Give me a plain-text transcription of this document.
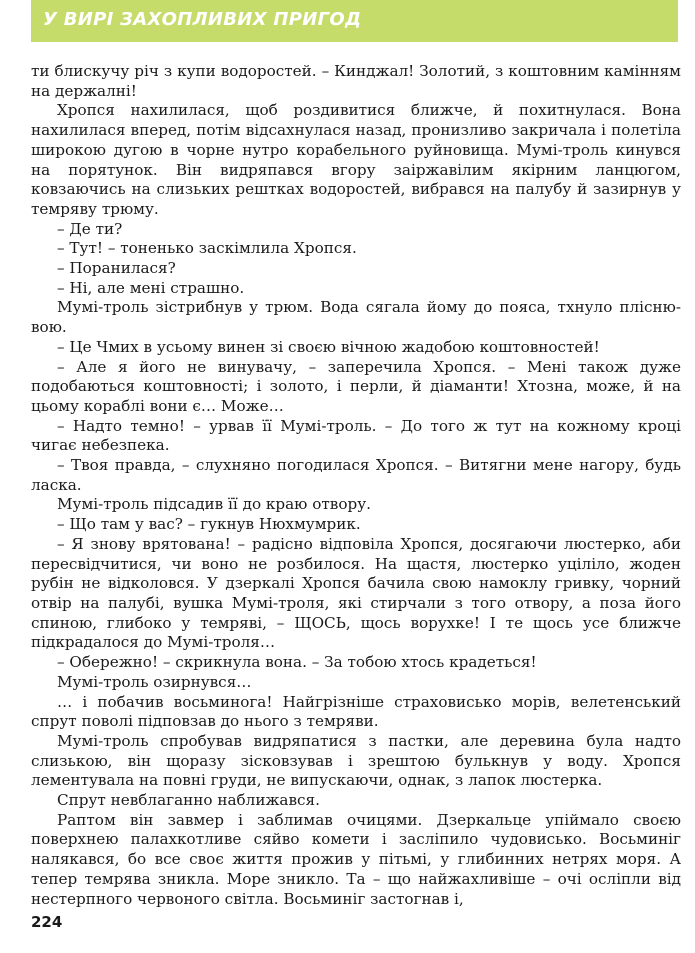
У ВИРІ ЗАХОПЛИВИХ ПРИГОД

ти блискучу річ з купи водоростей. – Кинджал! Золотий, з коштовним камінням на держалні!

Хропся нахилилася, щоб роздивитися ближче, й похитнулася. Вона нахилилася вперед, потім відсахнулася назад, пронизливо закричала і полетіла широкою дугою в чорне нутро корабельного руйновища. Мумі-троль кинувся на порятунок. Він видряпався вгору заіржавілим якірним ланцюгом, ковзаючись на слизьких рештках водоростей, вибрався на палубу й зазирнув у темряву трюму.

– Де ти?

– Тут! – тоненько заскімлила Хропся.

– Поранилася?

– Ні, але мені страшно.

Мумі-троль зістрибнув у трюм. Вода сягала йому до пояса, тхнуло пліснювою.

– Це Чмих в усьому винен зі своєю вічною жадобою коштовностей!

– Але я його не винувачу, – заперечила Хропся. – Мені також дуже подобаються коштовності; і золото, і перли, й діаманти! Хтозна, може, й на цьому кораблі вони є… Може…

– Надто темно! – урвав її Мумі-троль. – До того ж тут на кожному кроці чигає небезпека.

– Твоя правда, – слухняно погодилася Хропся. – Витягни мене нагору, будь ласка.

Мумі-троль підсадив її до краю отвору.

– Що там у вас? – гукнув Нюхмумрик.

– Я знову врятована! – радісно відповіла Хропся, досягаючи люстерко, аби пересвідчитися, чи воно не розбилося. На щастя, люстерко уціліло, жоден рубін не відколовся. У дзеркалі Хропся бачила свою намоклу гривку, чорний отвір на палубі, вушка Мумі-троля, які стирчали з того отвору, а поза його спиною, глибоко у темряві, – ЩОСЬ, щось ворухке! І те щось усе ближче підкрадалося до Мумі-троля…

– Обережно! – скрикнула вона. – За тобою хтось крадеться!

Мумі-троль озирнувся…

… і побачив восьминога! Найгрізніше страховисько морів, велетенський спрут поволі підповзав до нього з темряви.

Мумі-троль спробував видряпатися з пастки, але деревина була надто слизькою, він щоразу зісковзував і зрештою булькнув у воду. Хропся лементувала на повні груди, не випускаючи, однак, з лапок люстерка.

Спрут невблаганно наближався.

Раптом він завмер і заблимав очицями. Дзеркальце упіймало своєю поверхнею палахкотливе сяйво комети і засліпило чудовисько. Восьминіг налякався, бо все своє життя прожив у пітьмі, у глибинних нетрях моря. А тепер темрява зникла. Море зникло. Та – що найжахливіше – очі осліпли від нестерпного червоного світла. Восьминіг застогнав і,

224
